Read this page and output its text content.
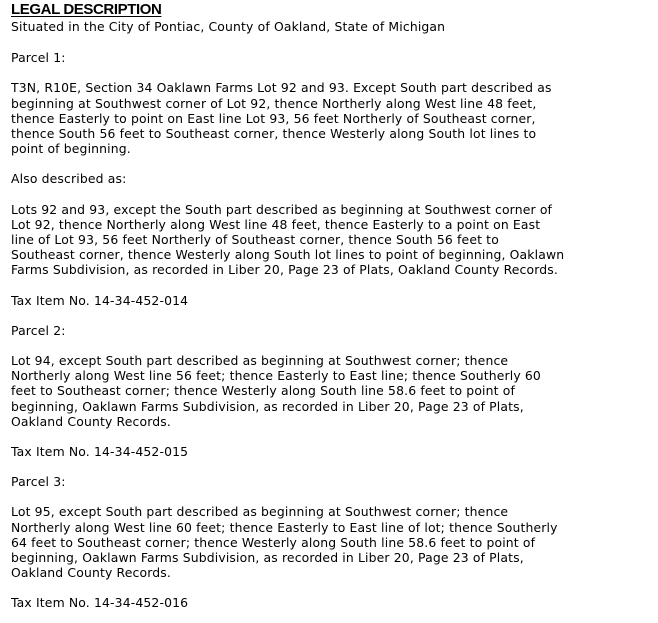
LEGAL DESCRIPTION

Situated in the City of Pontiac, County of Oakland, State of Michigan

Parcel 1:

T3N, R10E, Section 34 Oaklawn Farms Lot 92 and 93. Except South part described as

beginning at Southwest corner of Lot 92, thence Northerly along West line 48 feet,

thence Easterly to point on East line Lot 93, 56 feet Northerly of Southeast corner,

thence South 56 feet to Southeast corner, thence Westerly along South lot lines to

point of beginning.

Also described as:

Lots 92 and 93, except the South part described as beginning at Southwest corner of

Lot 92, thence Northerly along West line 48 feet, thence Easterly to a point on East

line of Lot 93, 56 feet Northerly of Southeast corner, thence South 56 feet to

Southeast corner, thence Westerly along South lot lines to point of beginning, Oaklawn

Farms Subdivision, as recorded in Liber 20, Page 23 of Plats, Oakland County Records.

Tax Item No. 14-34-452-014

Parcel 2:

Lot 94, except South part described as beginning at Southwest corner; thence

Northerly along West line 56 feet; thence Easterly to East line; thence Southerly 60

feet to Southeast corner; thence Westerly along South line 58.6 feet to point of

beginning, Oaklawn Farms Subdivision, as recorded in Liber 20, Page 23 of Plats,

Oakland County Records.

Tax Item No. 14-34-452-015

Parcel 3:

Lot 95, except South part described as beginning at Southwest corner; thence

Northerly along West line 60 feet; thence Easterly to East line of lot; thence Southerly

64 feet to Southeast corner; thence Westerly along South line 58.6 feet to point of

beginning, Oaklawn Farms Subdivision, as recorded in Liber 20, Page 23 of Plats,

Oakland County Records.

Tax Item No. 14-34-452-016
